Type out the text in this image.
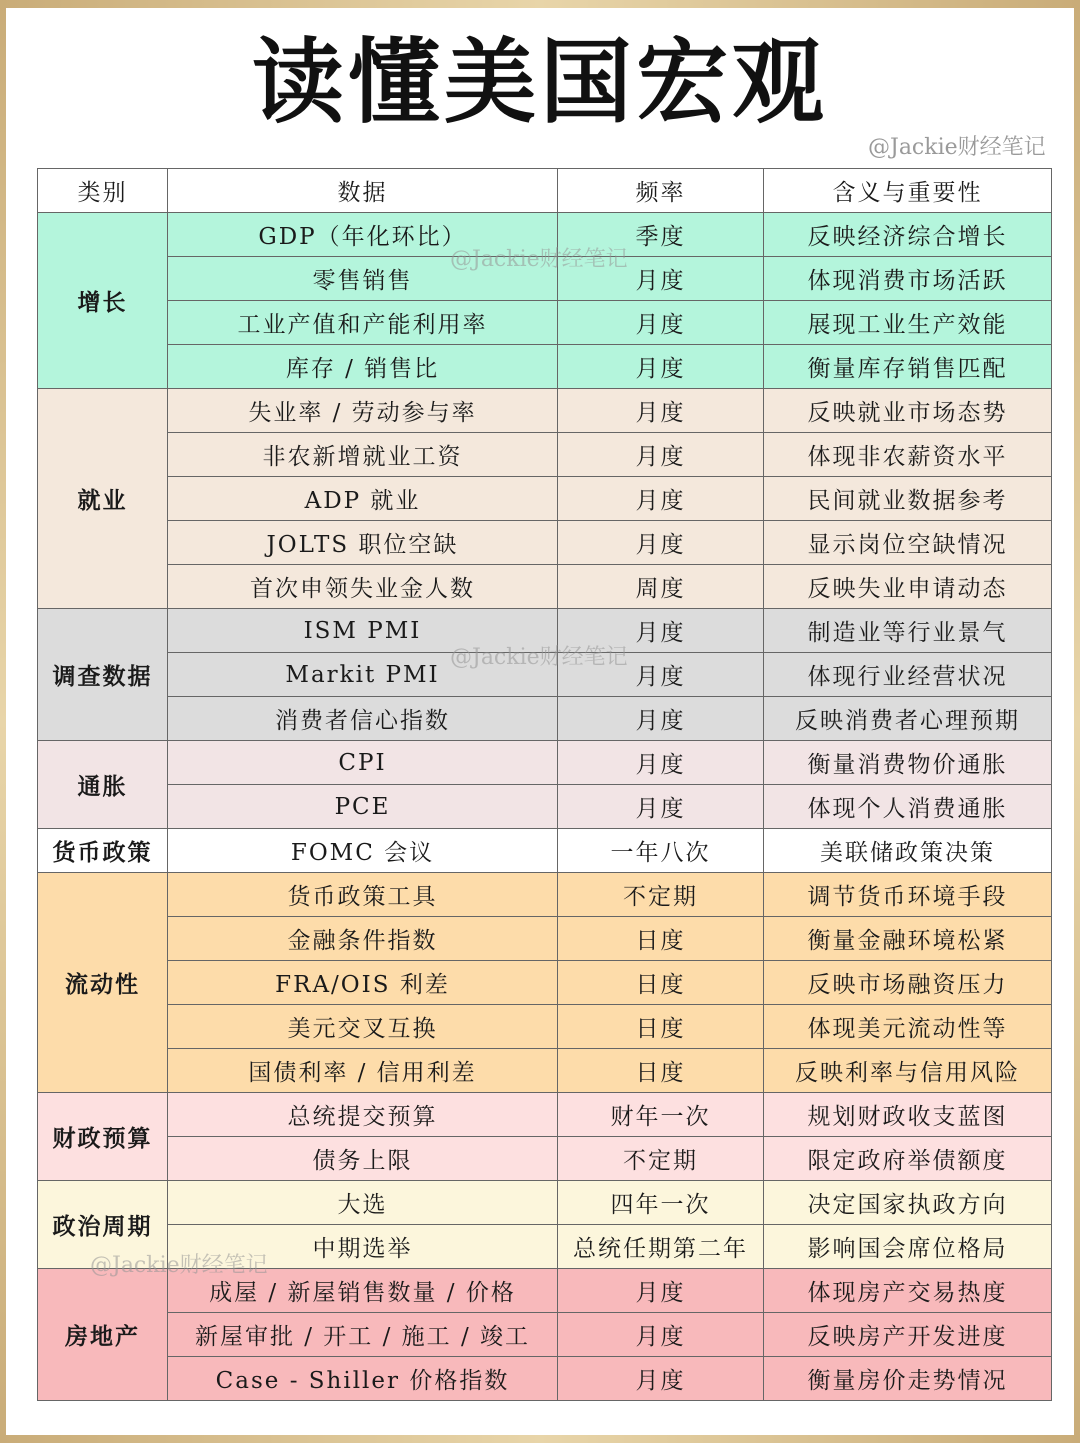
读懂美国宏观
@Jackie财经笔记
类别	数据	频率	含义与重要性
增长	GDP（年化环比）	季度	反映经济综合增长
	零售销售	月度	体现消费市场活跃
	工业产值和产能利用率	月度	展现工业生产效能
	库存 / 销售比	月度	衡量库存销售匹配
就业	失业率 / 劳动参与率	月度	反映就业市场态势
	非农新增就业工资	月度	体现非农薪资水平
	ADP 就业	月度	民间就业数据参考
	JOLTS 职位空缺	月度	显示岗位空缺情况
	首次申领失业金人数	周度	反映失业申请动态
调查数据	ISM PMI	月度	制造业等行业景气
	Markit PMI	月度	体现行业经营状况
	消费者信心指数	月度	反映消费者心理预期
通胀	CPI	月度	衡量消费物价通胀
	PCE	月度	体现个人消费通胀
货币政策	FOMC 会议	一年八次	美联储政策决策
流动性	货币政策工具	不定期	调节货币环境手段
	金融条件指数	日度	衡量金融环境松紧
	FRA/OIS 利差	日度	反映市场融资压力
	美元交叉互换	日度	体现美元流动性等
	国债利率 / 信用利差	日度	反映利率与信用风险
财政预算	总统提交预算	财年一次	规划财政收支蓝图
	债务上限	不定期	限定政府举债额度
政治周期	大选	四年一次	决定国家执政方向
	中期选举	总统任期第二年	影响国会席位格局
房地产	成屋 / 新屋销售数量 / 价格	月度	体现房产交易热度
	新屋审批 / 开工 / 施工 / 竣工	月度	反映房产开发进度
	Case - Shiller 价格指数	月度	衡量房价走势情况
@Jackie财经笔记
@Jackie财经笔记
@Jackie财经笔记
